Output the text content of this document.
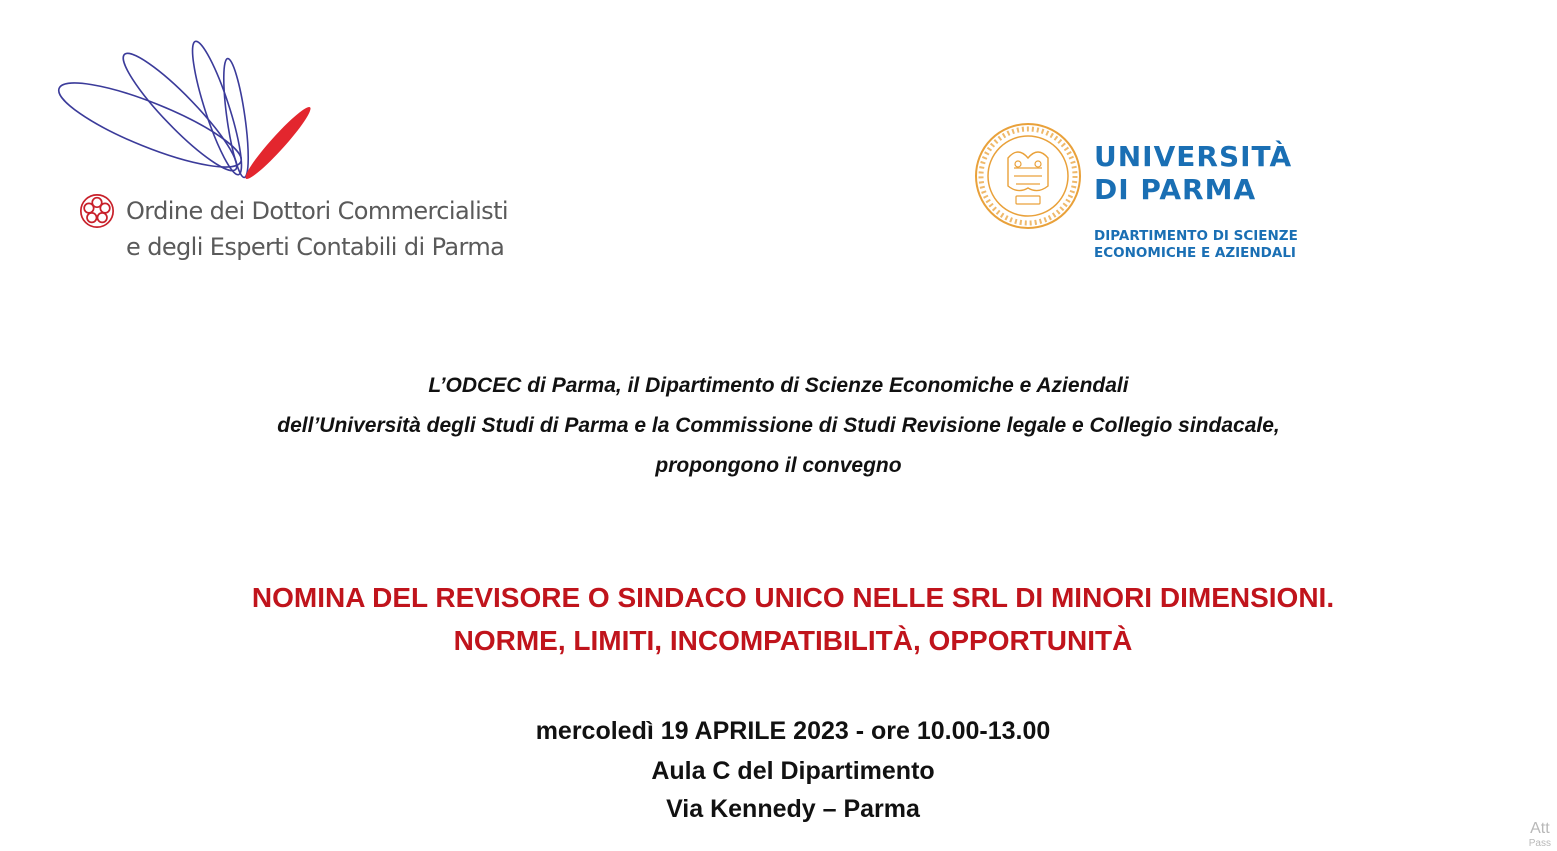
Ordine dei Dottori Commercialisti
e degli Esperti Contabili di Parma
UNIVERSITÀ
DI PARMA
DIPARTIMENTO DI SCIENZE
ECONOMICHE E AZIENDALI
L’ODCEC di Parma, il Dipartimento di Scienze Economiche e Aziendali
dell’Università degli Studi di Parma e la Commissione di Studi Revisione legale e Collegio sindacale,
propongono il convegno
NOMINA DEL REVISORE O SINDACO UNICO NELLE SRL DI MINORI DIMENSIONI.
NORME, LIMITI, INCOMPATIBILITÀ, OPPORTUNITÀ
mercoledì 19 APRILE 2023 - ore 10.00-13.00
Aula C del Dipartimento
Via Kennedy – Parma
Att
Pass
